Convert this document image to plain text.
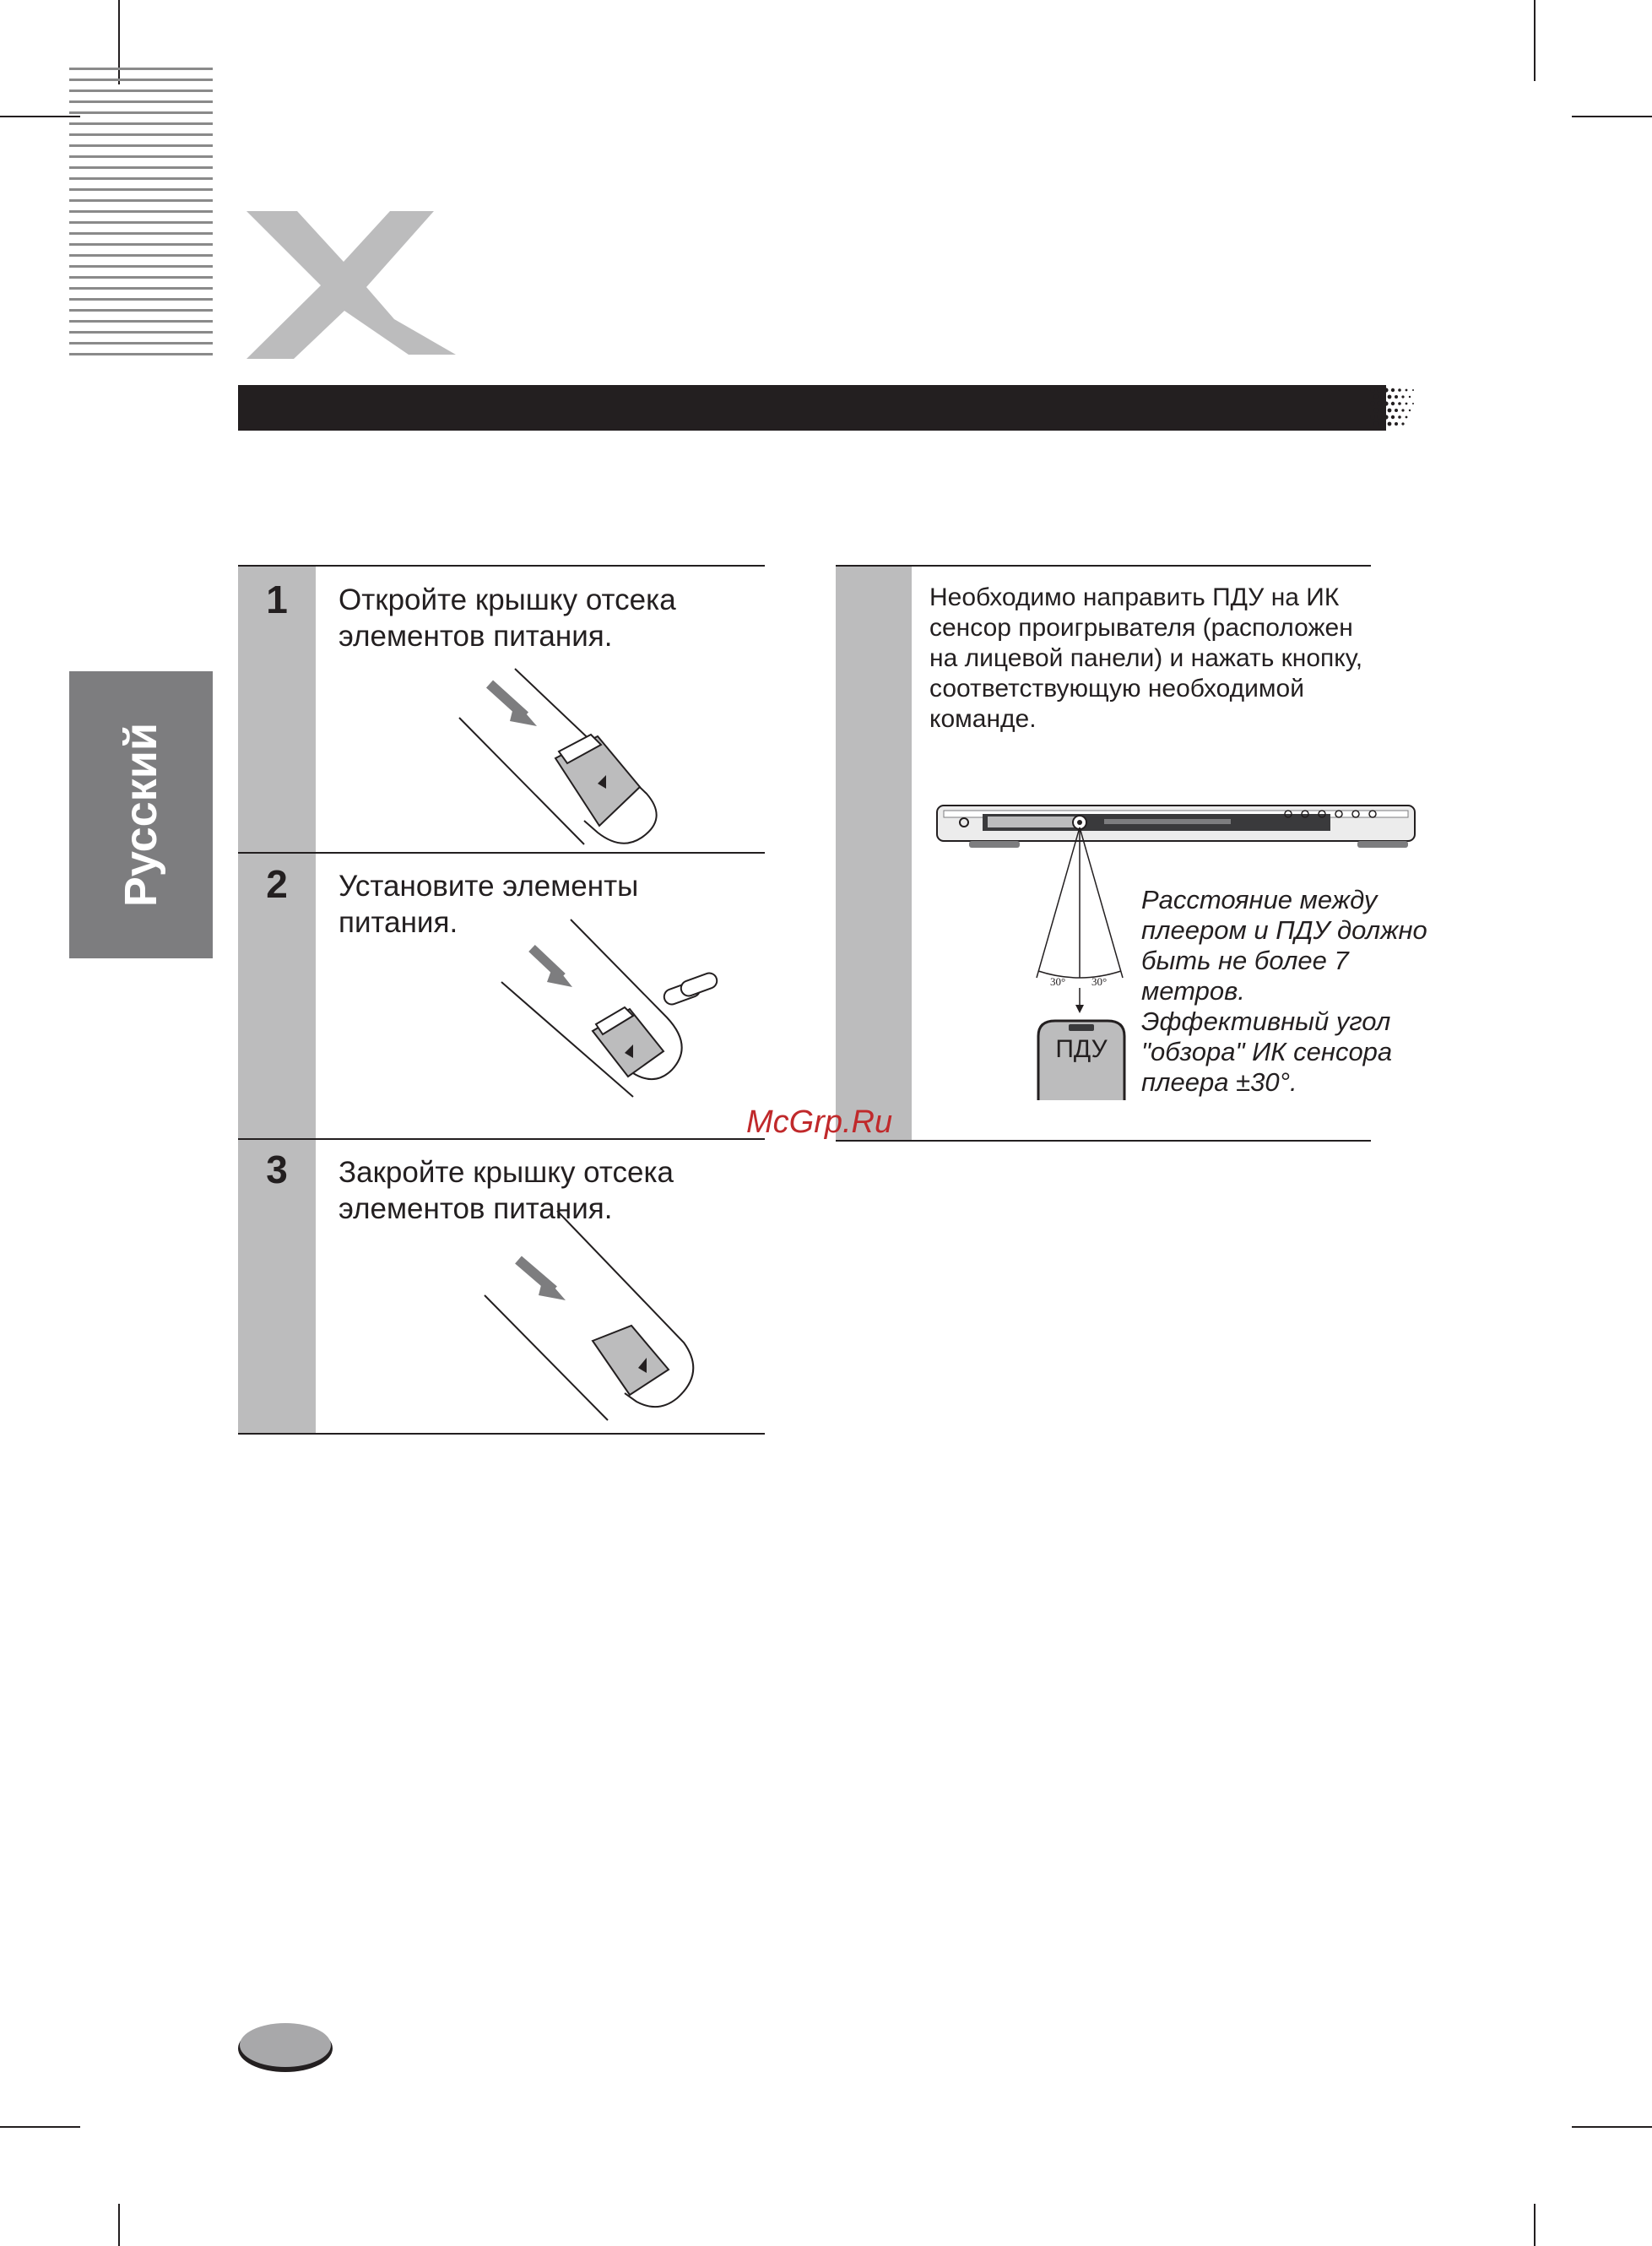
Русский
1	Откройте крышку отсека элементов питания.
2	Установите элементы питания.
3	Закройте крышку отсека элементов питания.
Необходимо направить ПДУ на ИК сенсор проигрывателя (расположен на лицевой панели) и нажать кнопку, соответствующую необходимой команде.
30° 30°
ПДУ
Расстояние между плеером и ПДУ должно быть не более 7 метров. Эффективный угол "обзора" ИК сенсора плеера ±30°.
McGrp.Ru
